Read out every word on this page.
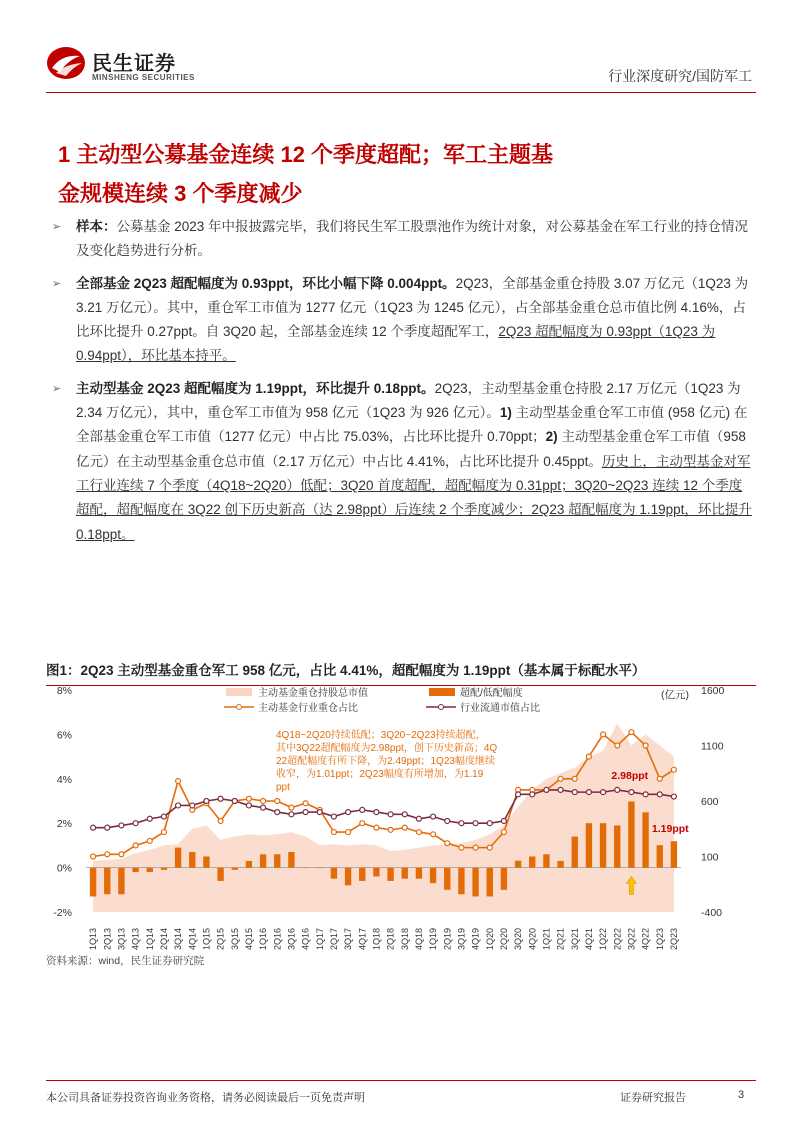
民生证券
MINSHENG SECURITIES	行业深度研究/国防军工
1 主动型公募基金连续 12 个季度超配；军工主题基
金规模连续 3 个季度减少
➢	样本：公募基金 2023 年中报披露完毕，我们将民生军工股票池作为统计对象，对公募基金在军工行业的持仓情况及变化趋势进行分析。
➢	全部基金 2Q23 超配幅度为 0.93ppt，环比小幅下降 0.004ppt。2Q23，全部基金重仓持股 3.07 万亿元（1Q23 为 3.21 万亿元）。其中，重仓军工市值为 1277 亿元（1Q23 为 1245 亿元），占全部基金重仓总市值比例 4.16%，占比环比提升 0.27ppt。自 3Q20 起，全部基金连续 12 个季度超配军工，2Q23 超配幅度为 0.93ppt（1Q23 为 0.94ppt），环比基本持平。
➢	主动型基金 2Q23 超配幅度为 1.19ppt，环比提升 0.18ppt。2Q23，主动型基金重仓持股 2.17 万亿元（1Q23 为 2.34 万亿元），其中，重仓军工市值为 958 亿元（1Q23 为 926 亿元）。1) 主动型基金重仓军工市值 (958 亿元) 在全部基金重仓军工市值（1277 亿元）中占比 75.03%，占比环比提升 0.70ppt；2) 主动型基金重仓军工市值（958 亿元）在主动型基金重仓总市值（2.17 万亿元）中占比 4.41%，占比环比提升 0.45ppt。历史上，主动型基金对军工行业连续 7 个季度（4Q18~2Q20）低配；3Q20 首度超配，超配幅度为 0.31ppt；3Q20~2Q23 连续 12 个季度超配，超配幅度在 3Q22 创下历史新高（达 2.98ppt）后连续 2 个季度减少；2Q23 超配幅度为 1.19ppt，环比提升 0.18ppt。
图1：2Q23 主动型基金重仓军工 958 亿元，占比 4.41%，超配幅度为 1.19ppt（基本属于标配水平）
-2%
0%
2%
4%
6%
8%
-400
100
600
1100
1600
(亿元)
1Q13 2Q13 3Q13 4Q13 1Q14 2Q14 3Q14 4Q14 1Q15 2Q15 3Q15 4Q15 1Q16 2Q16 3Q16 4Q16 1Q17 2Q17 3Q17 4Q17 1Q18 2Q18 3Q18 4Q18 1Q19 2Q19 3Q19 4Q19 1Q20 2Q20 3Q20 4Q20 1Q21 2Q21 3Q21 4Q21 1Q22 2Q22 3Q22 4Q22 1Q23 2Q23
主动基金重仓持股总市值	超配/低配幅度
主动基金行业重仓占比	行业流通市值占比
4Q18~2Q20持续低配；3Q20~2Q23持续超配，
其中3Q22超配幅度为2.98ppt，创下历史新高；4Q
22超配幅度有所下降，为2.49ppt；1Q23幅度继续
收窄，为1.01ppt；2Q23幅度有所增加，为1.19
ppt
2.98ppt
1.19ppt
资料来源：wind，民生证券研究院
本公司具备证券投资咨询业务资格，请务必阅读最后一页免责声明	证券研究报告	3
